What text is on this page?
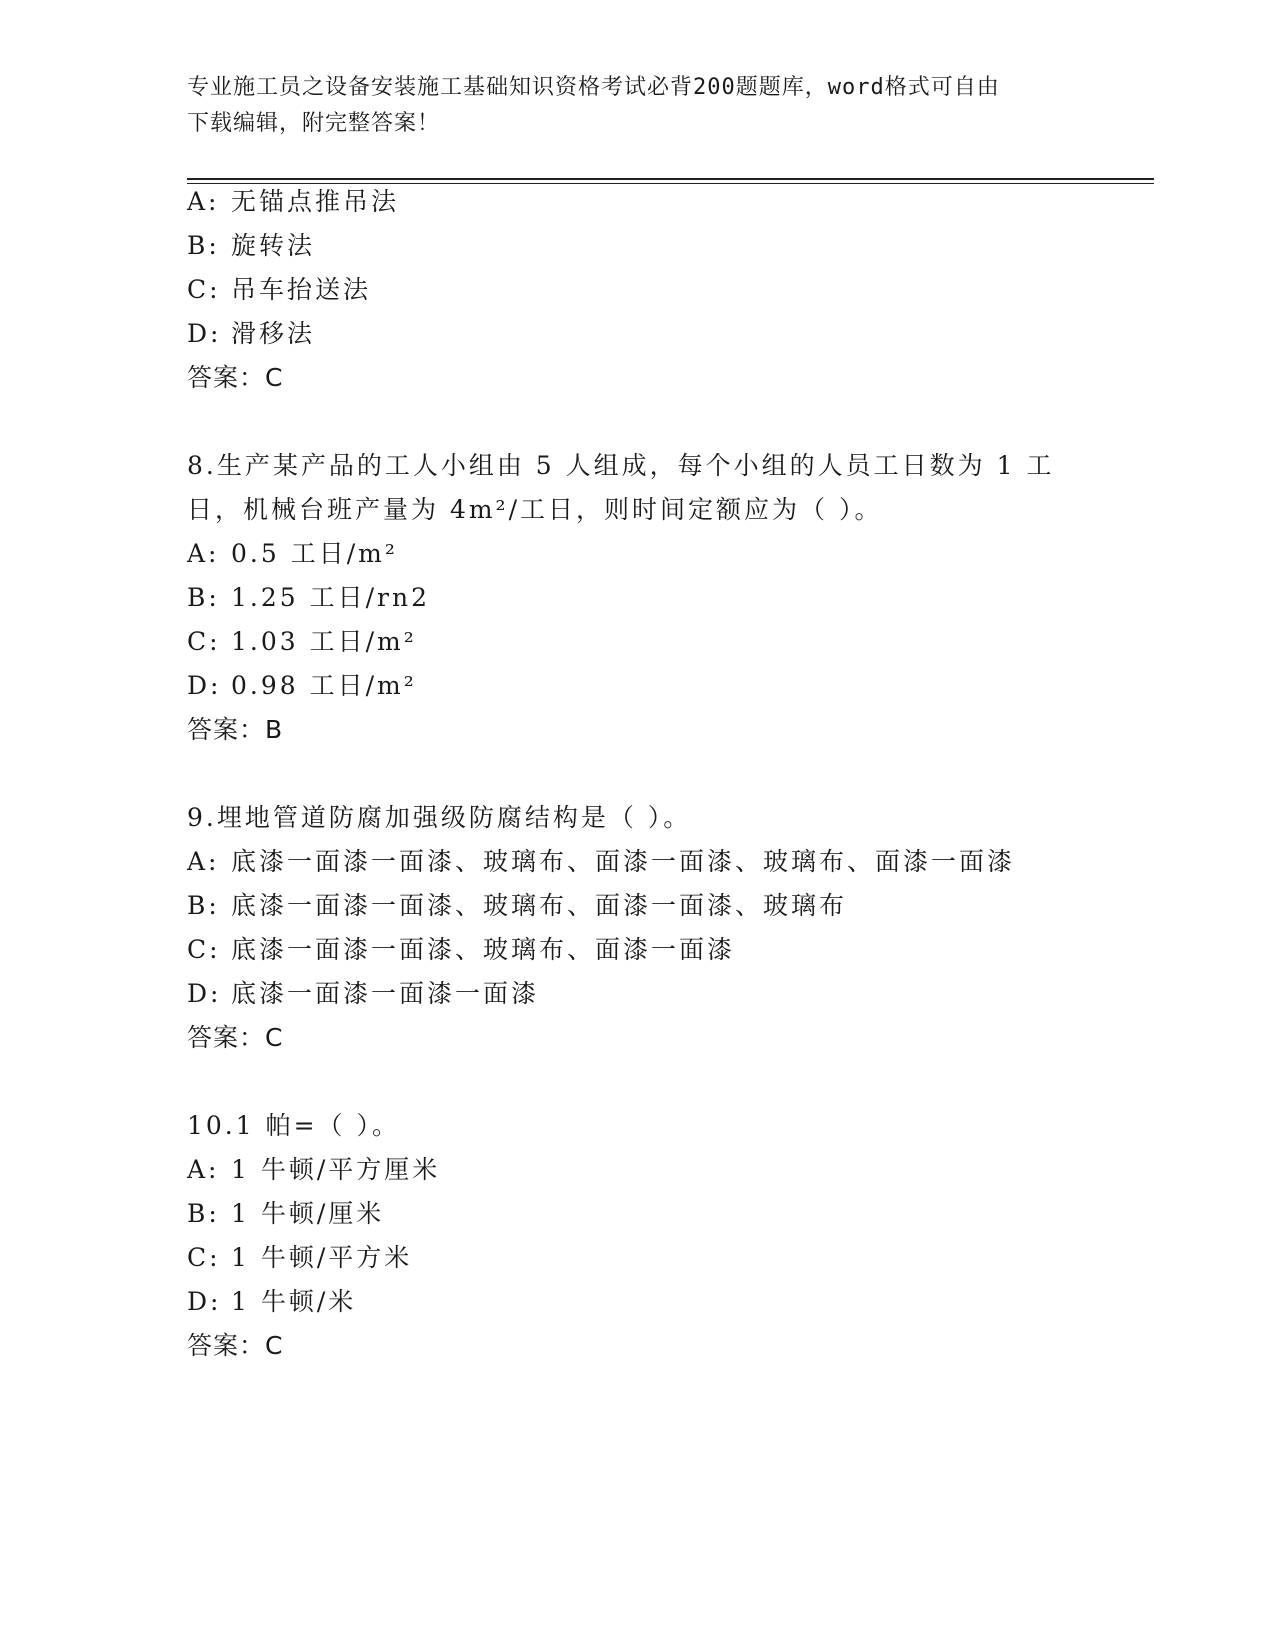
专业施工员之设备安装施工基础知识资格考试必背200题题库，word格式可自由
下载编辑，附完整答案！
A: 无锚点推吊法
B: 旋转法
C: 吊车抬送法
D: 滑移法
答案：C
8.生产某产品的工人小组由 5 人组成，每个小组的人员工日数为 1 工
日，机械台班产量为 4m²/工日，则时间定额应为（ ）。
A: 0.5 工日/m²
B: 1.25 工日/rn2
C: 1.03 工日/m²
D: 0.98 工日/m²
答案：B
9.埋地管道防腐加强级防腐结构是（ ）。
A: 底漆一面漆一面漆、玻璃布、面漆一面漆、玻璃布、面漆一面漆
B: 底漆一面漆一面漆、玻璃布、面漆一面漆、玻璃布
C: 底漆一面漆一面漆、玻璃布、面漆一面漆
D: 底漆一面漆一面漆一面漆
答案：C
10.1 帕=（ ）。
A: 1 牛顿/平方厘米
B: 1 牛顿/厘米
C: 1 牛顿/平方米
D: 1 牛顿/米
答案：C
